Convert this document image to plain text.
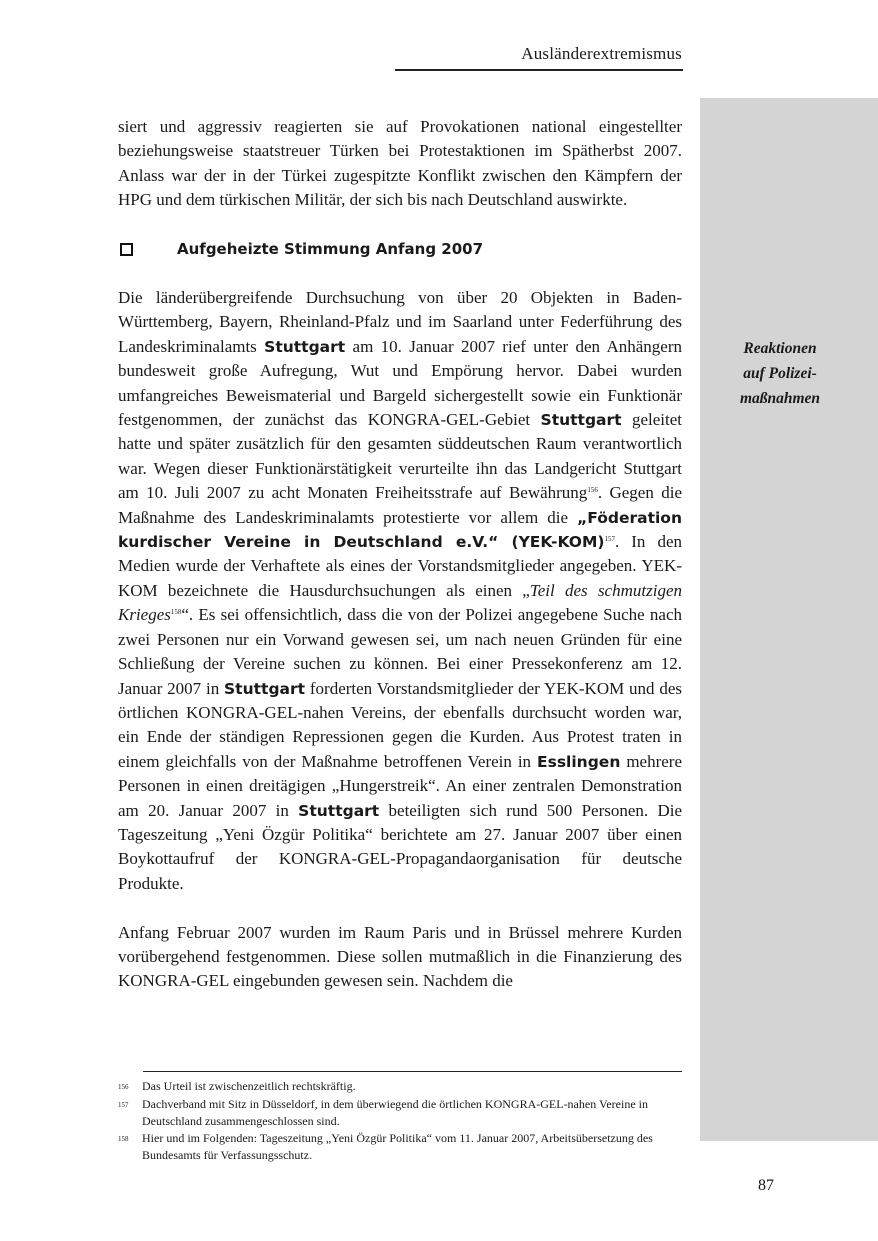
Ausländerextremismus
Reaktionen
auf Polizei-
maßnahmen

siert und aggressiv reagierten sie auf Provokationen national eingestellter beziehungsweise staatstreuer Türken bei Protestaktionen im Spätherbst 2007. Anlass war der in der Türkei zugespitzte Konflikt zwischen den Kämpfern der HPG und dem türkischen Militär, der sich bis nach Deutschland auswirkte.

Aufgeheizte Stimmung Anfang 2007

Die länderübergreifende Durchsuchung von über 20 Objekten in Baden-Württemberg, Bayern, Rheinland-Pfalz und im Saarland unter Federführung des Landeskriminalamts Stuttgart am 10. Januar 2007 rief unter den Anhängern bundesweit große Aufregung, Wut und Empörung hervor. Dabei wurden umfangreiches Beweismaterial und Bargeld sichergestellt sowie ein Funktionär festgenommen, der zunächst das KONGRA-GEL-Gebiet Stuttgart geleitet hatte und später zusätzlich für den gesamten süddeutschen Raum verantwortlich war. Wegen dieser Funktionärstätigkeit verurteilte ihn das Landgericht Stuttgart am 10. Juli 2007 zu acht Monaten Freiheitsstrafe auf Bewährung$^{156}$. Gegen die Maßnahme des Landeskriminalamts protestierte vor allem die „Föderation kurdischer Vereine in Deutschland e.V.“ (YEK-KOM)$^{157}$. In den Medien wurde der Verhaftete als eines der Vorstandsmitglieder angegeben. YEK-KOM bezeichnete die Hausdurchsuchungen als einen „Teil des schmutzigen Krieges$^{158}$“. Es sei offensichtlich, dass die von der Polizei angegebene Suche nach zwei Personen nur ein Vorwand gewesen sei, um nach neuen Gründen für eine Schließung der Vereine suchen zu können. Bei einer Pressekonferenz am 12. Januar 2007 in Stuttgart forderten Vorstandsmitglieder der YEK-KOM und des örtlichen KONGRA-GEL-nahen Vereins, der ebenfalls durchsucht worden war, ein Ende der ständigen Repressionen gegen die Kurden. Aus Protest traten in einem gleichfalls von der Maßnahme betroffenen Verein in Esslingen mehrere Personen in einen dreitägigen „Hungerstreik“. An einer zentralen Demonstration am 20. Januar 2007 in Stuttgart beteiligten sich rund 500 Personen. Die Tageszeitung „Yeni Özgür Politika“ berichtete am 27. Januar 2007 über einen Boykottaufruf der KONGRA-GEL-Propagandaorganisation für deutsche Produkte.

Anfang Februar 2007 wurden im Raum Paris und in Brüssel mehrere Kurden vorübergehend festgenommen. Diese sollen mutmaßlich in die Finanzierung des KONGRA-GEL eingebunden gewesen sein. Nachdem die

156	Das Urteil ist zwischenzeitlich rechtskräftig.
157	Dachverband mit Sitz in Düsseldorf, in dem überwiegend die örtlichen KONGRA-GEL-nahen Vereine in Deutschland zusammengeschlossen sind.
158	Hier und im Folgenden: Tageszeitung „Yeni Özgür Politika“ vom 11. Januar 2007, Arbeitsübersetzung des Bundesamts für Verfassungsschutz.
87
